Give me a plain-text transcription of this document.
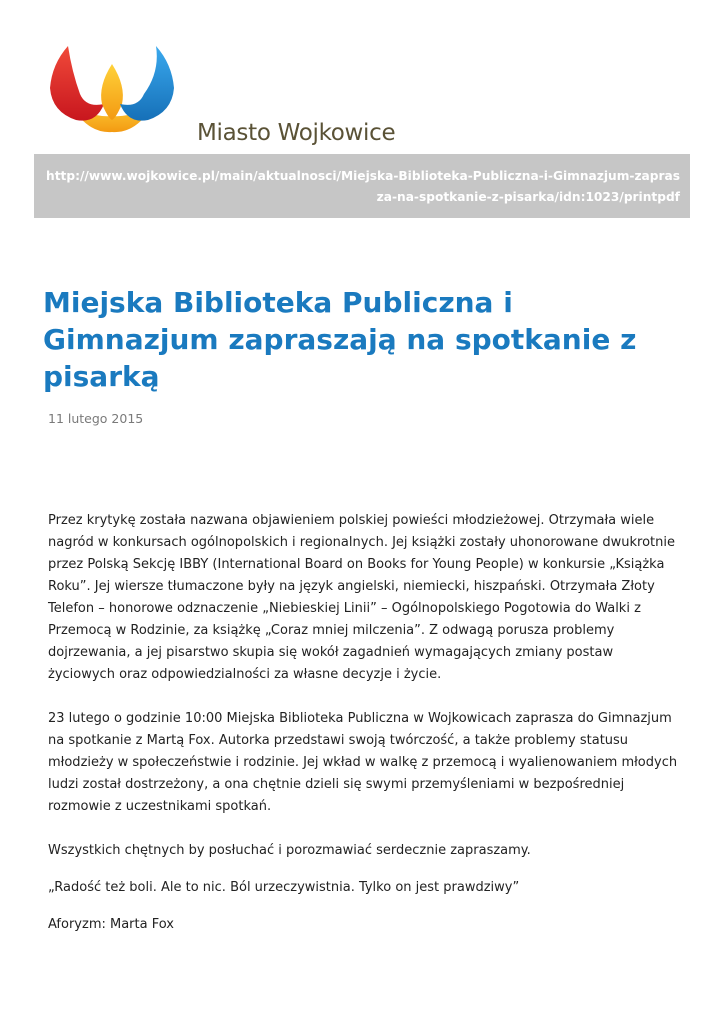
Miasto Wojkowice
http://www.wojkowice.pl/main/aktualnosci/Miejska-Biblioteka-Publiczna-i-Gimnazjum-zaprasza-na-spotkanie-z-pisarka/idn:1023/printpdf
Miejska Biblioteka Publiczna i Gimnazjum zapraszają na spotkanie z pisarką
11 lutego 2015

Przez krytykę została nazwana objawieniem polskiej powieści młodzieżowej. Otrzymała wiele nagród w konkursach ogólnopolskich i regionalnych. Jej książki zostały uhonorowane dwukrotnie przez Polską Sekcję IBBY (International Board on Books for Young People) w konkursie „Książka Roku”. Jej wiersze tłumaczone były na język angielski, niemiecki, hiszpański. Otrzymała Złoty Telefon – honorowe odznaczenie „Niebieskiej Linii” – Ogólnopolskiego Pogotowia do Walki z Przemocą w Rodzinie, za książkę „Coraz mniej milczenia”. Z odwagą porusza problemy dojrzewania, a jej pisarstwo skupia się wokół zagadnień wymagających zmiany postaw życiowych oraz odpowiedzialności za własne decyzje i życie.

23 lutego o godzinie 10:00 Miejska Biblioteka Publiczna w Wojkowicach zaprasza do Gimnazjum na spotkanie z Martą Fox. Autorka przedstawi swoją twórczość, a także problemy statusu młodzieży w społeczeństwie i rodzinie. Jej wkład w walkę z przemocą i wyalienowaniem młodych ludzi został dostrzeżony, a ona chętnie dzieli się swymi przemyśleniami w bezpośredniej rozmowie z uczestnikami spotkań.

Wszystkich chętnych by posłuchać i porozmawiać serdecznie zapraszamy.

„Radość też boli. Ale to nic. Ból urzeczywistnia. Tylko on jest prawdziwy”

Aforyzm: Marta Fox
